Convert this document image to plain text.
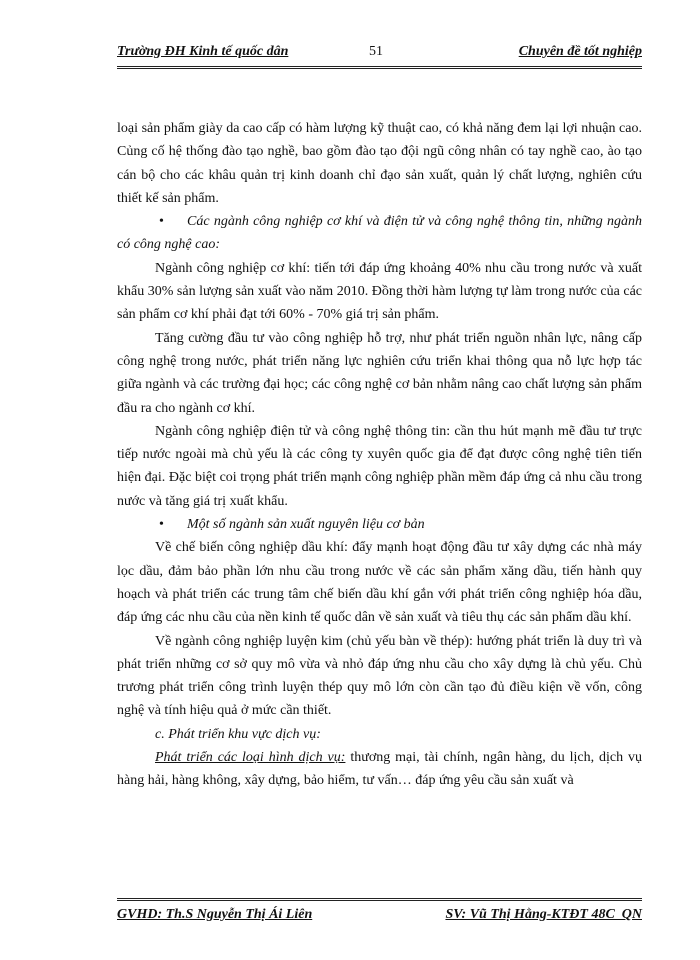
Trường ĐH Kinh tế quốc dân	51	Chuyên đề tốt nghiệp

loại sản phẩm giày da cao cấp có hàm lượng kỹ thuật cao, có khả năng đem lại lợi nhuận cao. Củng cố hệ thống đào tạo nghề, bao gồm đào tạo đội ngũ công nhân có tay nghề cao, ào tạo cán bộ cho các khâu quản trị kinh doanh chỉ đạo sản xuất, quản lý chất lượng, nghiên cứu thiết kế sản phẩm.

• Các ngành công nghiệp cơ khí và điện tử và công nghệ thông tin, những ngành có công nghệ cao:

Ngành công nghiệp cơ khí: tiến tới đáp ứng khoảng 40% nhu cầu trong nước và xuất khẩu 30% sản lượng sản xuất vào năm 2010. Đồng thời hàm lượng tự làm trong nước của các sản phẩm cơ khí phải đạt tới 60% - 70% giá trị sản phẩm.

Tăng cường đầu tư vào công nghiệp hỗ trợ, như phát triển nguồn nhân lực, nâng cấp công nghệ trong nước, phát triển năng lực nghiên cứu triển khai thông qua nỗ lực hợp tác giữa ngành và các trường đại học; các công nghệ cơ bản nhằm nâng cao chất lượng sản phẩm đầu ra cho ngành cơ khí.

Ngành công nghiệp điện tử và công nghệ thông tin: cần thu hút mạnh mẽ đầu tư trực tiếp nước ngoài mà chủ yếu là các công ty xuyên quốc gia để đạt được công nghệ tiên tiến hiện đại. Đặc biệt coi trọng phát triển mạnh công nghiệp phần mềm đáp ứng cả nhu cầu trong nước và tăng giá trị xuất khẩu.

• Một số ngành sản xuất nguyên liệu cơ bản

Về chế biến công nghiệp dầu khí: đẩy mạnh hoạt động đầu tư xây dựng các nhà máy lọc dầu, đảm bảo phần lớn nhu cầu trong nước về các sản phẩm xăng dầu, tiến hành quy hoạch và phát triển các trung tâm chế biến dầu khí gắn với phát triển công nghiệp hóa dầu, đáp ứng các nhu cầu của nền kinh tế quốc dân về sản xuất và tiêu thụ các sản phẩm dầu khí.

Về ngành công nghiệp luyện kim (chủ yếu bàn về thép): hướng phát triển là duy trì và phát triển những cơ sở quy mô vừa và nhỏ đáp ứng nhu cầu cho xây dựng là chủ yếu. Chủ trương phát triển công trình luyện thép quy mô lớn còn cần tạo đủ điều kiện về vốn, công nghệ và tính hiệu quả ở mức cần thiết.

c. Phát triển khu vực dịch vụ:

Phát triển các loại hình dịch vụ: thương mại, tài chính, ngân hàng, du lịch, dịch vụ hàng hải, hàng không, xây dựng, bảo hiểm, tư vấn… đáp ứng yêu cầu sản xuất và

GVHD: Th.S Nguyễn Thị Ái Liên	SV: Vũ Thị Hằng-KTĐT 48C_QN
